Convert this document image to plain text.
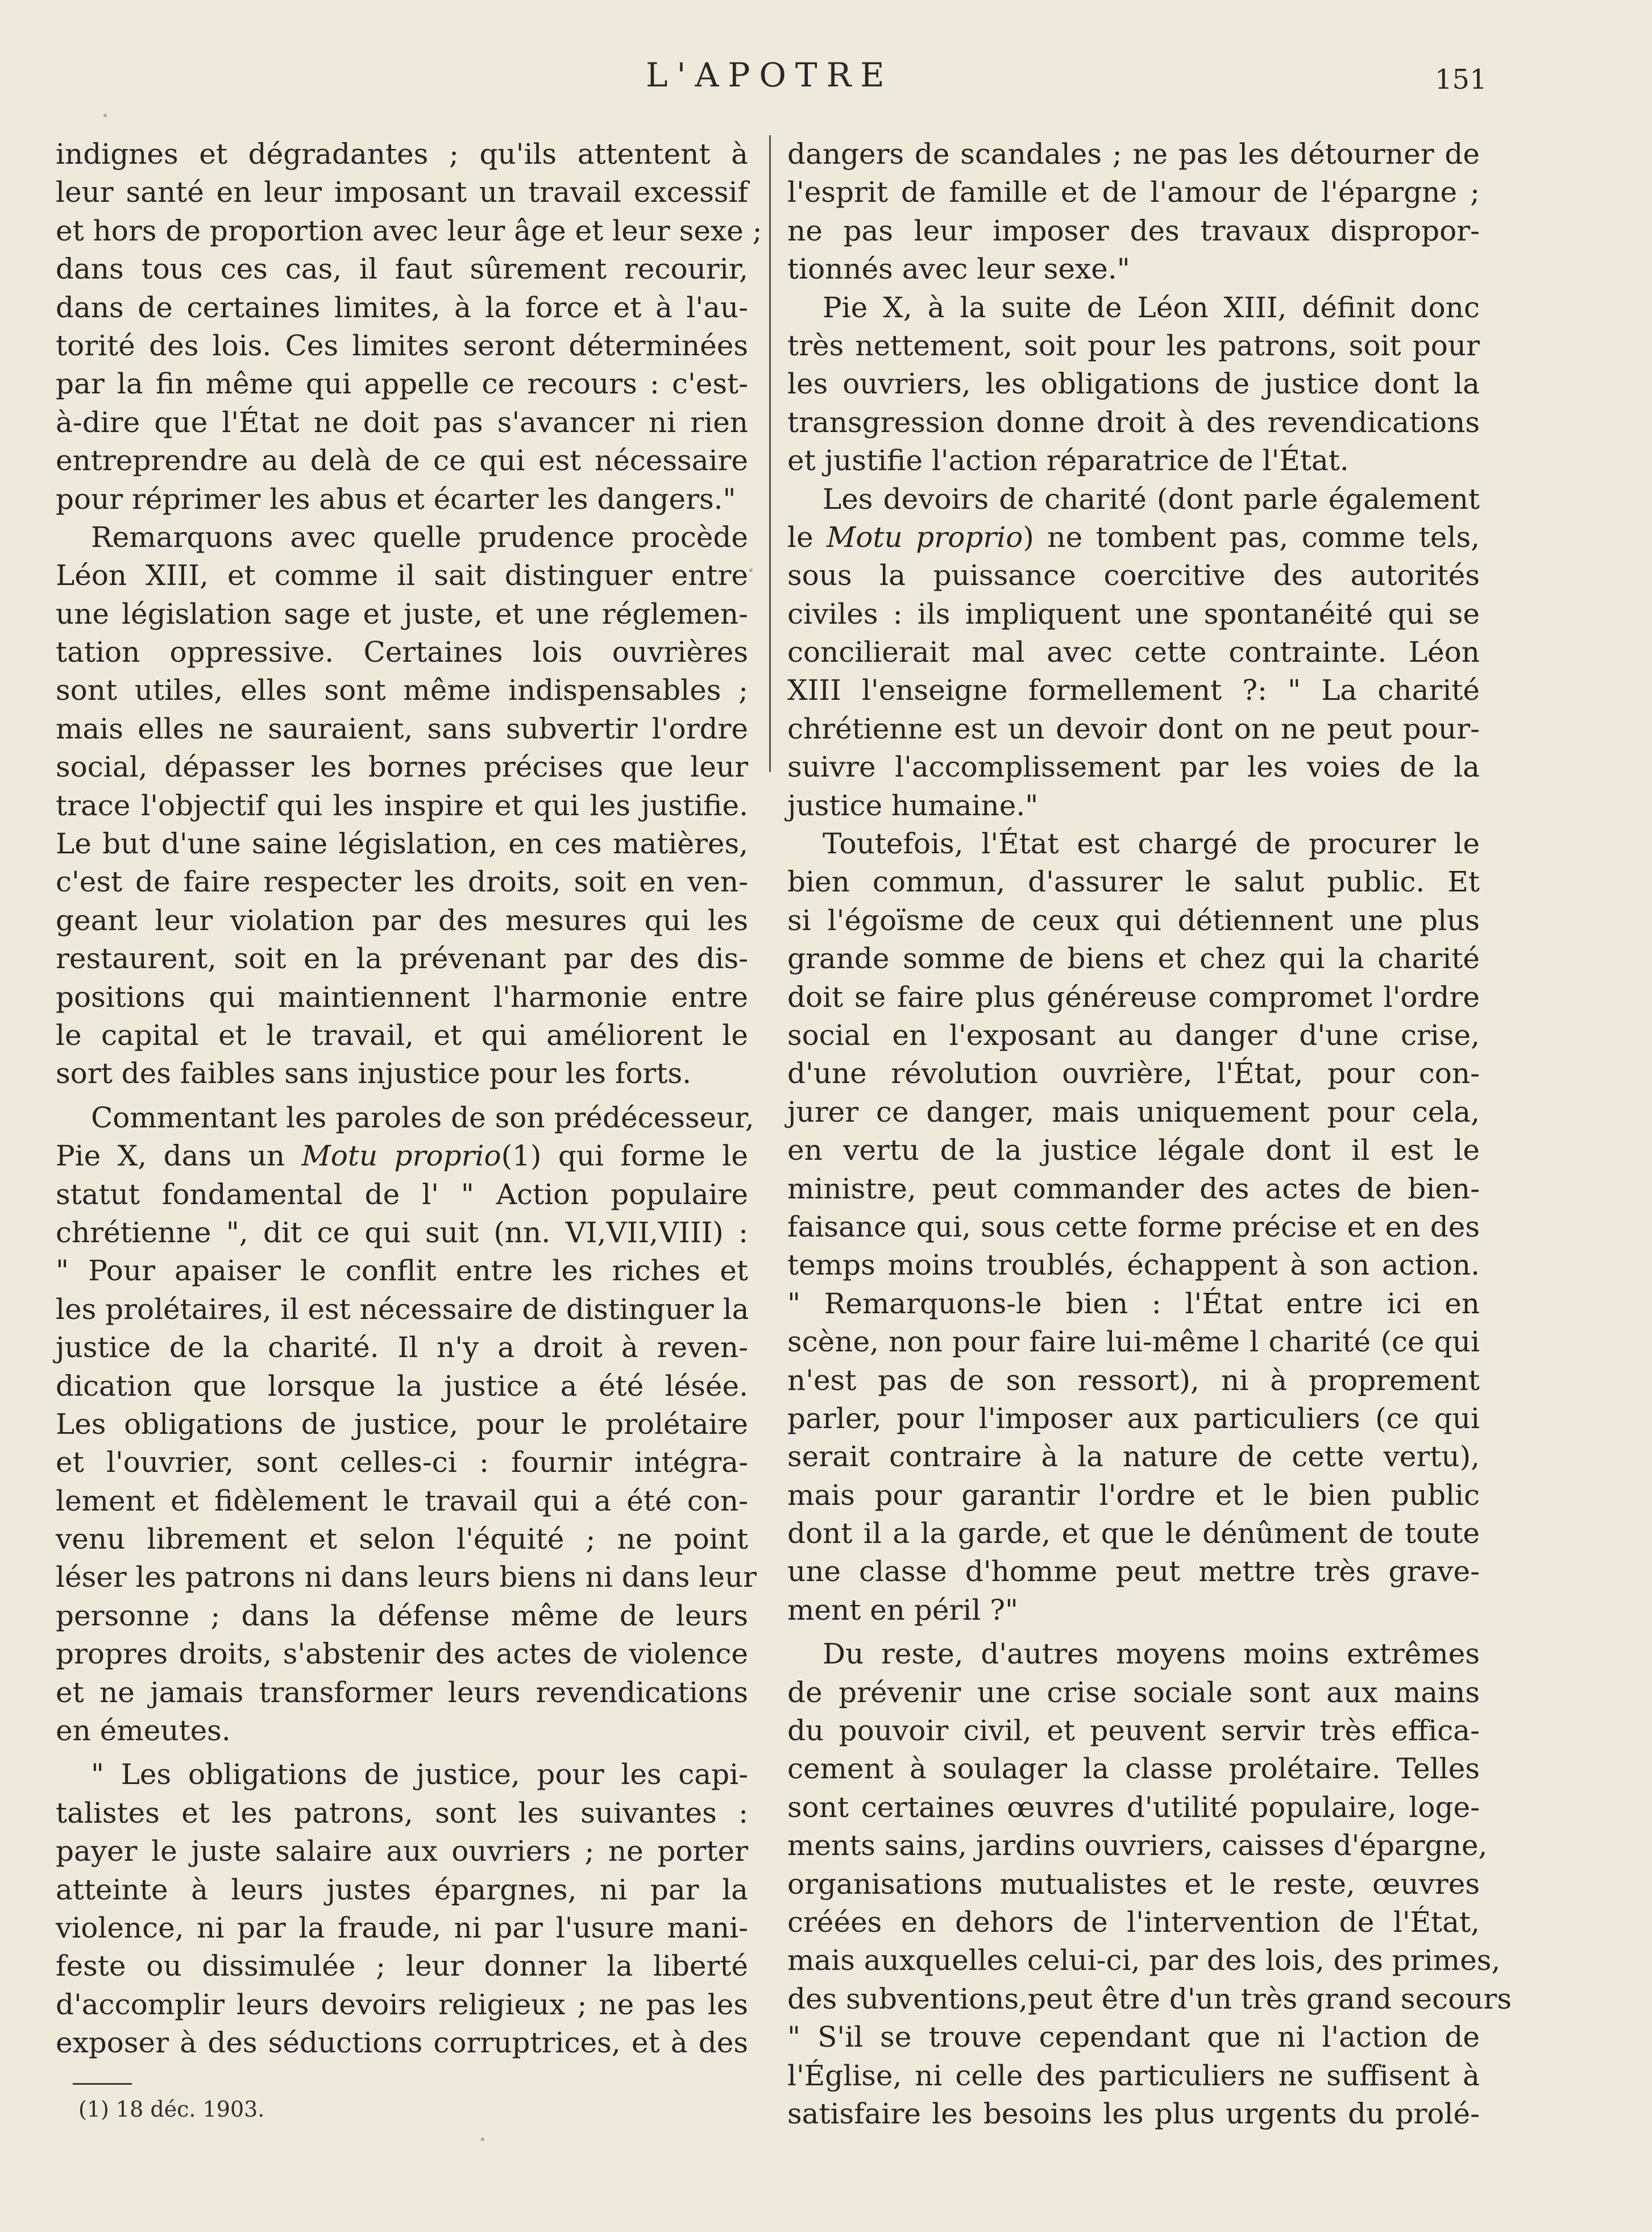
L'APOTRE	151
indignes et dégradantes ; qu'ils attentent à
leur santé en leur imposant un travail excessif
et hors de proportion avec leur âge et leur sexe ;
dans tous ces cas, il faut sûrement recourir,
dans de certaines limites, à la force et à l'au-
torité des lois. Ces limites seront déterminées
par la fin même qui appelle ce recours : c'est-
à-dire que l'État ne doit pas s'avancer ni rien
entreprendre au delà de ce qui est nécessaire
pour réprimer les abus et écarter les dangers."
Remarquons avec quelle prudence procède
Léon XIII, et comme il sait distinguer entre
une législation sage et juste, et une réglemen-
tation oppressive. Certaines lois ouvrières
sont utiles, elles sont même indispensables ;
mais elles ne sauraient, sans subvertir l'ordre
social, dépasser les bornes précises que leur
trace l'objectif qui les inspire et qui les justifie.
Le but d'une saine législation, en ces matières,
c'est de faire respecter les droits, soit en ven-
geant leur violation par des mesures qui les
restaurent, soit en la prévenant par des dis-
positions qui maintiennent l'harmonie entre
le capital et le travail, et qui améliorent le
sort des faibles sans injustice pour les forts.
Commentant les paroles de son prédécesseur,
Pie X, dans un Motu proprio(1) qui forme le
statut fondamental de l' " Action populaire
chrétienne ", dit ce qui suit (nn. VI,VII,VIII) :
" Pour apaiser le conflit entre les riches et
les prolétaires, il est nécessaire de distinguer la
justice de la charité. Il n'y a droit à reven-
dication que lorsque la justice a été lésée.
Les obligations de justice, pour le prolétaire
et l'ouvrier, sont celles-ci : fournir intégra-
lement et fidèlement le travail qui a été con-
venu librement et selon l'équité ; ne point
léser les patrons ni dans leurs biens ni dans leur
personne ; dans la défense même de leurs
propres droits, s'abstenir des actes de violence
et ne jamais transformer leurs revendications
en émeutes.
" Les obligations de justice, pour les capi-
talistes et les patrons, sont les suivantes :
payer le juste salaire aux ouvriers ; ne porter
atteinte à leurs justes épargnes, ni par la
violence, ni par la fraude, ni par l'usure mani-
feste ou dissimulée ; leur donner la liberté
d'accomplir leurs devoirs religieux ; ne pas les
exposer à des séductions corruptrices, et à des
dangers de scandales ; ne pas les détourner de
l'esprit de famille et de l'amour de l'épargne ;
ne pas leur imposer des travaux dispropor-
tionnés avec leur sexe."
Pie X, à la suite de Léon XIII, définit donc
très nettement, soit pour les patrons, soit pour
les ouvriers, les obligations de justice dont la
transgression donne droit à des revendications
et justifie l'action réparatrice de l'État.
Les devoirs de charité (dont parle également
le Motu proprio) ne tombent pas, comme tels,
sous la puissance coercitive des autorités
civiles : ils impliquent une spontanéité qui se
concilierait mal avec cette contrainte. Léon
XIII l'enseigne formellement ?: " La charité
chrétienne est un devoir dont on ne peut pour-
suivre l'accomplissement par les voies de la
justice humaine."
Toutefois, l'État est chargé de procurer le
bien commun, d'assurer le salut public. Et
si l'égoïsme de ceux qui détiennent une plus
grande somme de biens et chez qui la charité
doit se faire plus généreuse compromet l'ordre
social en l'exposant au danger d'une crise,
d'une révolution ouvrière, l'État, pour con-
jurer ce danger, mais uniquement pour cela,
en vertu de la justice légale dont il est le
ministre, peut commander des actes de bien-
faisance qui, sous cette forme précise et en des
temps moins troublés, échappent à son action.
" Remarquons-le bien : l'État entre ici en
scène, non pour faire lui-même l charité (ce qui
n'est pas de son ressort), ni à proprement
parler, pour l'imposer aux particuliers (ce qui
serait contraire à la nature de cette vertu),
mais pour garantir l'ordre et le bien public
dont il a la garde, et que le dénûment de toute
une classe d'homme peut mettre très grave-
ment en péril ?"
Du reste, d'autres moyens moins extrêmes
de prévenir une crise sociale sont aux mains
du pouvoir civil, et peuvent servir très effica-
cement à soulager la classe prolétaire. Telles
sont certaines œuvres d'utilité populaire, loge-
ments sains, jardins ouvriers, caisses d'épargne,
organisations mutualistes et le reste, œuvres
créées en dehors de l'intervention de l'État,
mais auxquelles celui-ci, par des lois, des primes,
des subventions,peut être d'un très grand secours
" S'il se trouve cependant que ni l'action de
l'Église, ni celle des particuliers ne suffisent à
satisfaire les besoins les plus urgents du prolé-
(1) 18 déc. 1903.
